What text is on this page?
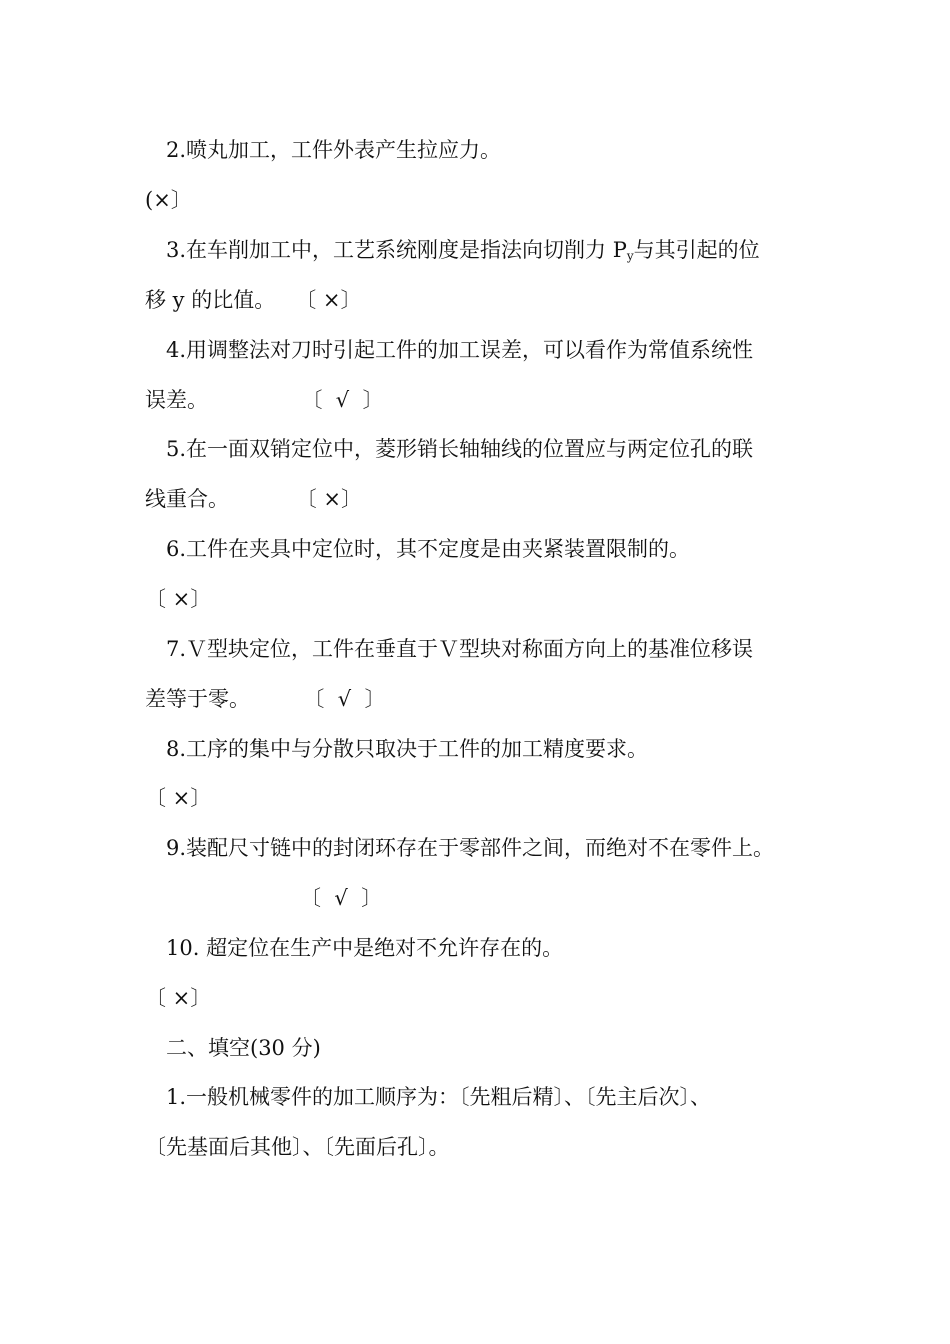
2.喷丸加工，工件外表产生拉应力。
(×〕
3.在车削加工中，工艺系统刚度是指法向切削力 $P_y$与其引起的位
移 y 的比值。   〔 ×〕
4.用调整法对刀时引起工件的加工误差，可以看作为常值系统性
误差。              〔  √  〕
5.在一面双销定位中，菱形销长轴轴线的位置应与两定位孔的联
线重合。          〔 ×〕
6.工件在夹具中定位时，其不定度是由夹紧装置限制的。
〔 ×〕
7.Ｖ型块定位，工件在垂直于Ｖ型块对称面方向上的基准位移误
差等于零。        〔  √  〕
8.工序的集中与分散只取决于工件的加工精度要求。
〔 ×〕
9.装配尺寸链中的封闭环存在于零部件之间，而绝对不在零件上。
〔  √  〕
10. 超定位在生产中是绝对不允许存在的。
〔 ×〕
二、填空(30 分)
1.一般机械零件的加工顺序为：〔先粗后精〕、〔先主后次〕、
〔先基面后其他〕、〔先面后孔〕。
